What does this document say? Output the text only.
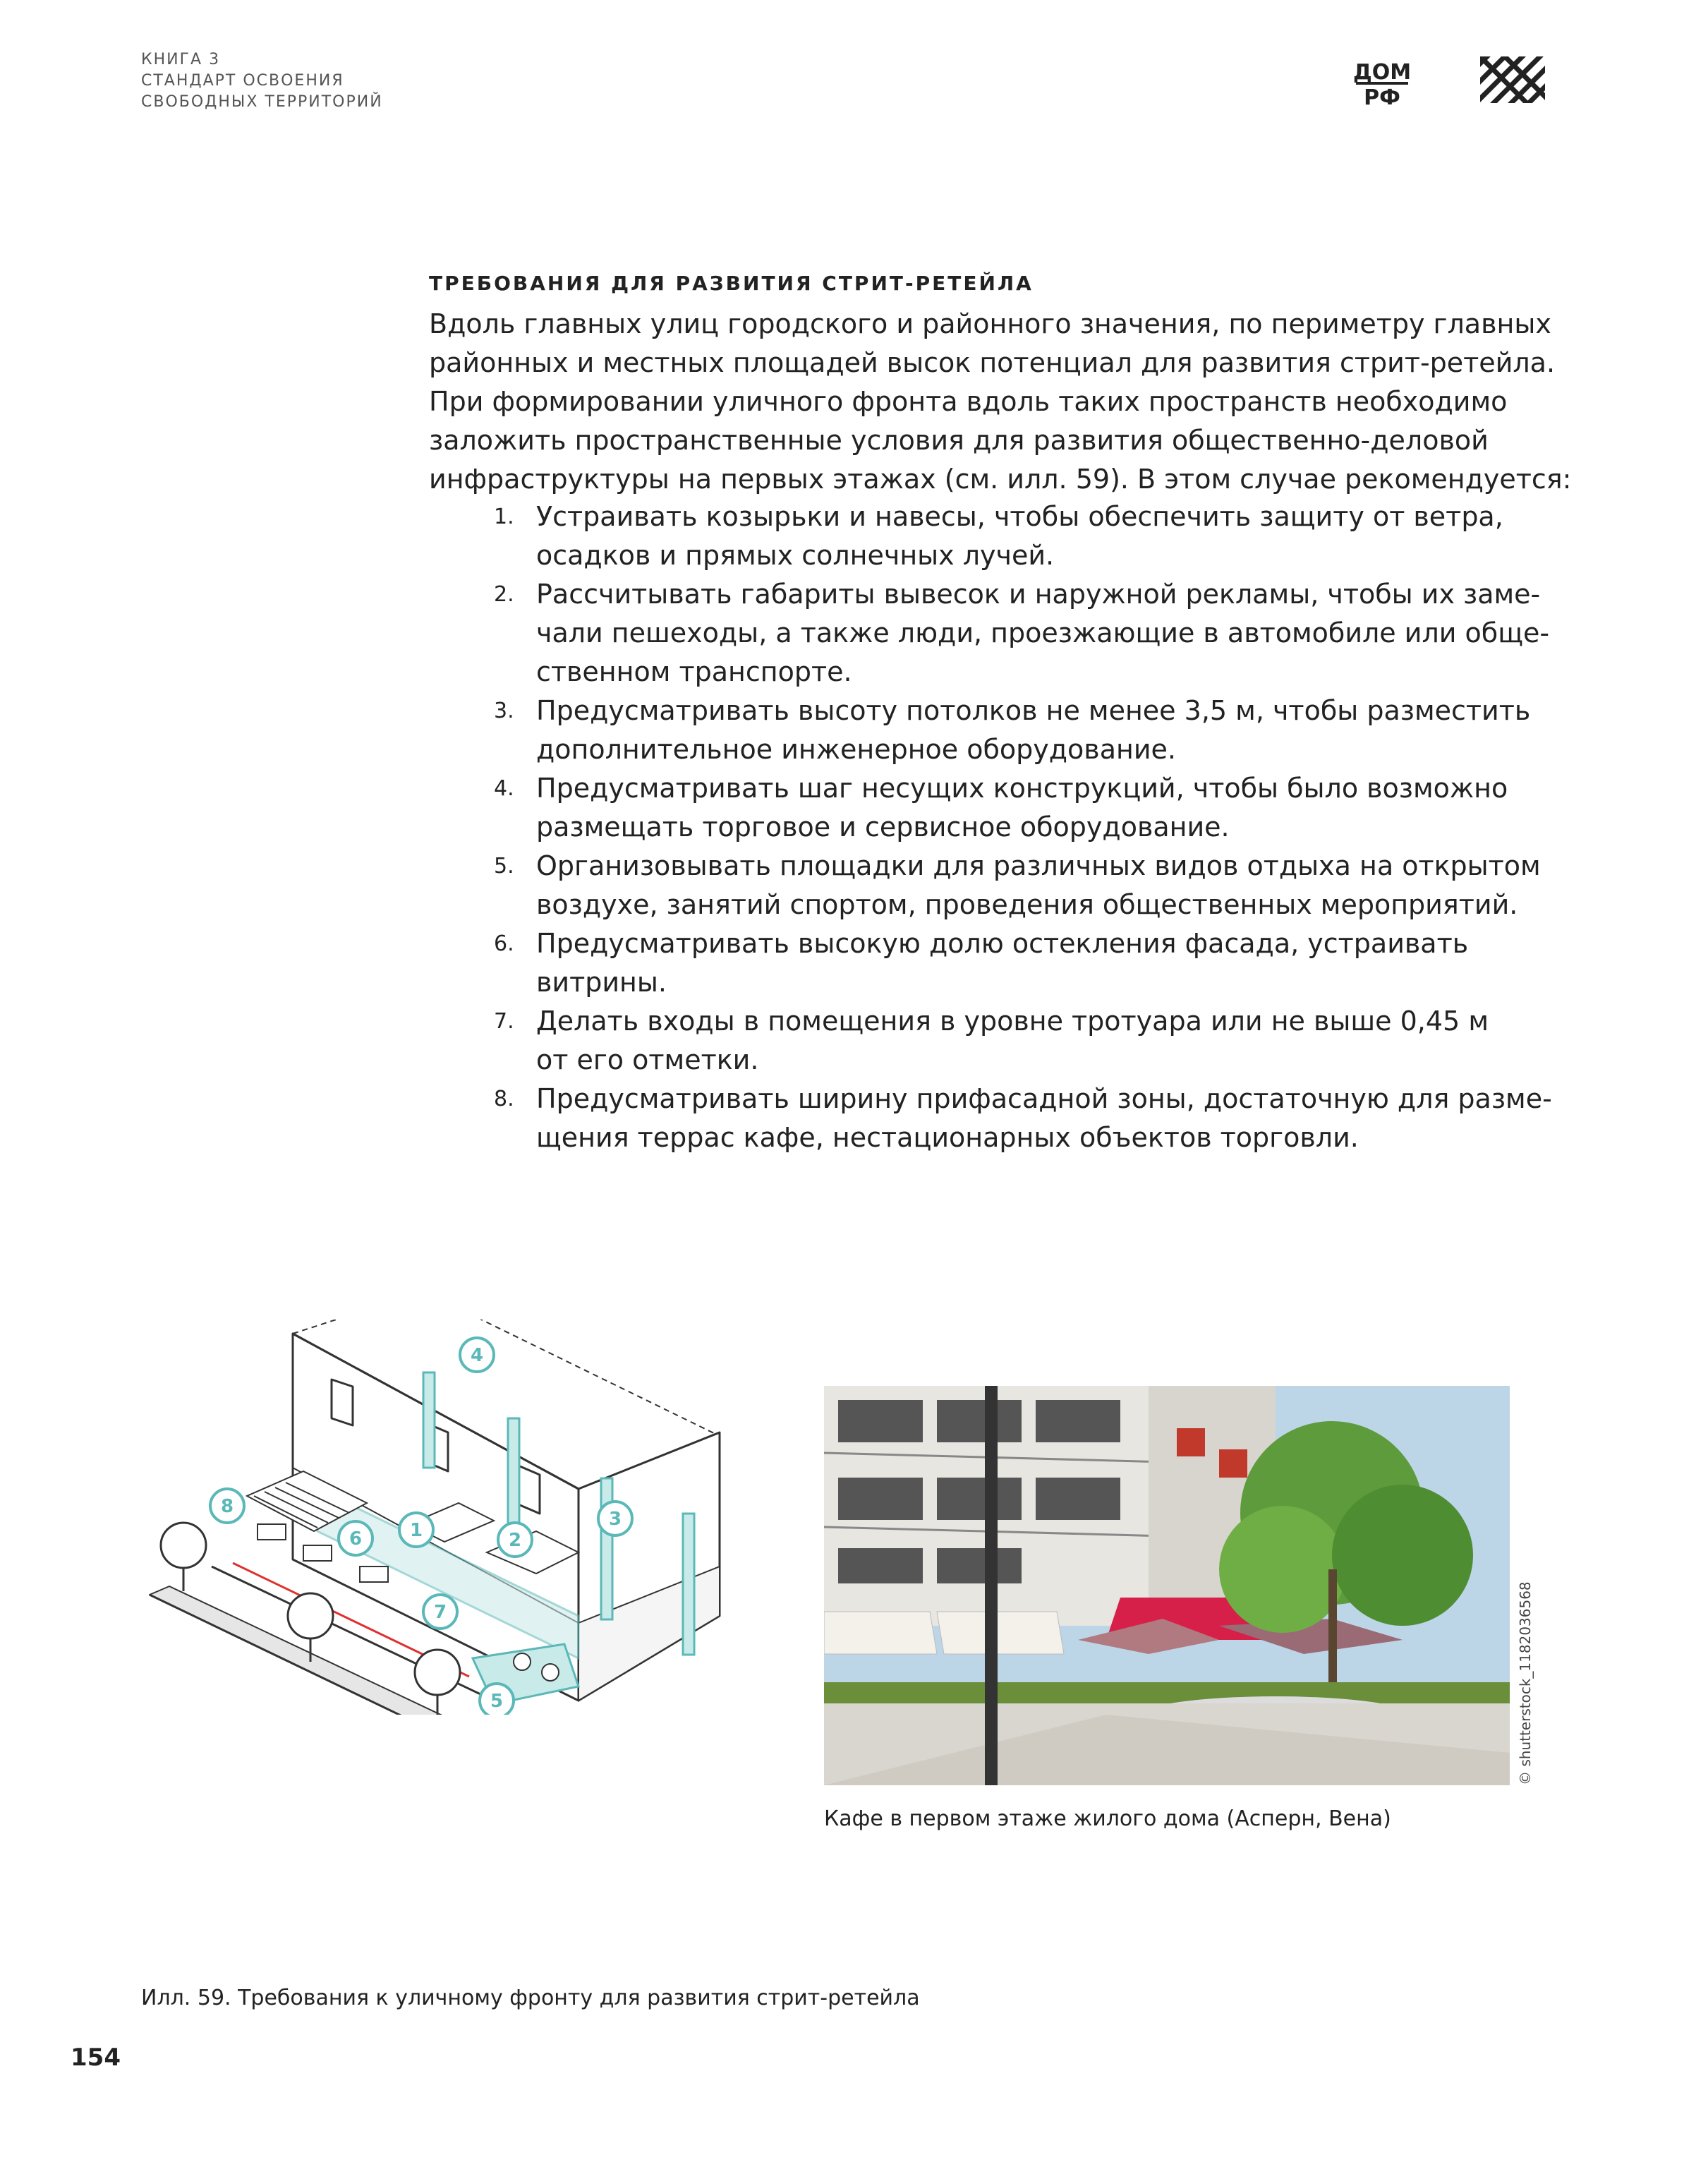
КНИГА 3
СТАНДАРТ ОСВОЕНИЯ
СВОБОДНЫХ ТЕРРИТОРИЙ
ДОМ
РФ
ТРЕБОВАНИЯ ДЛЯ РАЗВИТИЯ СТРИТ-РЕТЕЙЛА
Вдоль главных улиц городского и районного значения, по периметру главных
районных и местных площадей высок потенциал для развития стрит-ретейла.
При формировании уличного фронта вдоль таких пространств необходимо
заложить пространственные условия для развития общественно-деловой
инфраструктуры на первых этажах (см. илл. 59). В этом случае рекомендуется:
1. Устраивать козырьки и навесы, чтобы обеспечить защиту от ветра,
осадков и прямых солнечных лучей.
2. Рассчитывать габариты вывесок и наружной рекламы, чтобы их заме-
чали пешеходы, а также люди, проезжающие в автомобиле или обще-
ственном транспорте.
3. Предусматривать высоту потолков не менее 3,5 м, чтобы разместить
дополнительное инженерное оборудование.
4. Предусматривать шаг несущих конструкций, чтобы было возможно
размещать торговое и сервисное оборудование.
5. Организовывать площадки для различных видов отдыха на открытом
воздухе, занятий спортом, проведения общественных мероприятий.
6. Предусматривать высокую долю остекления фасада, устраивать
витрины.
7. Делать входы в помещения в уровне тротуара или не выше 0,45 м
от его отметки.
8. Предусматривать ширину прифасадной зоны, достаточную для разме-
щения террас кафе, нестационарных объектов торговли.
1	2
3
4
5
6
7
8
© shutterstock_1182036568
Кафе в первом этаже жилого дома (Асперн, Вена)
Илл. 59. Требования к уличному фронту для развития стрит-ретейла
154
